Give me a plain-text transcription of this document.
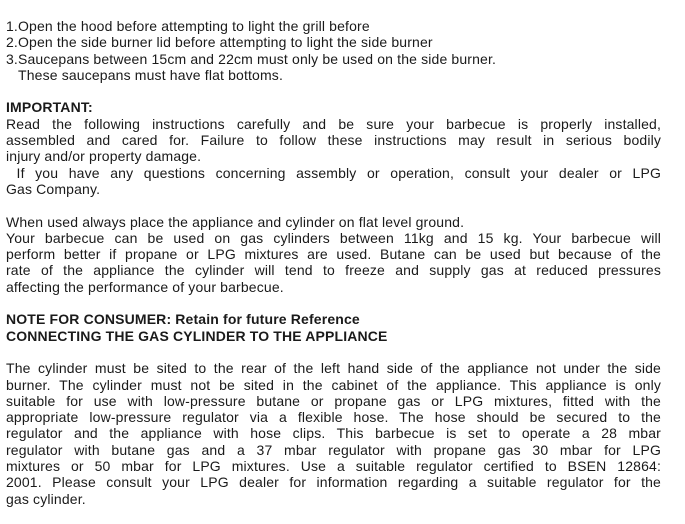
1.Open the hood before attempting to light the grill before
2.Open the side burner lid before attempting to light the side burner
3.Saucepans between 15cm and 22cm must only be used on the side burner.
These saucepans must have flat bottoms.
IMPORTANT:
Read the following instructions carefully and be sure your barbecue is properly installed,
assembled and cared for. Failure to follow these instructions may result in serious bodily
injury and/or property damage.
If you have any questions concerning assembly or operation, consult your dealer or LPG
Gas Company.
When used always place the appliance and cylinder on flat level ground.
Your barbecue can be used on gas cylinders between 11kg and 15 kg. Your barbecue will
perform better if propane or LPG mixtures are used. Butane can be used but because of the
rate of the appliance the cylinder will tend to freeze and supply gas at reduced pressures
affecting the performance of your barbecue.
NOTE FOR CONSUMER: Retain for future Reference
CONNECTING THE GAS CYLINDER TO THE APPLIANCE
The cylinder must be sited to the rear of the left hand side of the appliance not under the side
burner. The cylinder must not be sited in the cabinet of the appliance. This appliance is only
suitable for use with low-pressure butane or propane gas or LPG mixtures, fitted with the
appropriate low-pressure regulator via a flexible hose. The hose should be secured to the
regulator and the appliance with hose clips. This barbecue is set to operate a 28 mbar
regulator with butane gas and a 37 mbar regulator with propane gas 30 mbar for LPG
mixtures or 50 mbar for LPG mixtures. Use a suitable regulator certified to BSEN 12864:
2001. Please consult your LPG dealer for information regarding a suitable regulator for the
gas cylinder.
